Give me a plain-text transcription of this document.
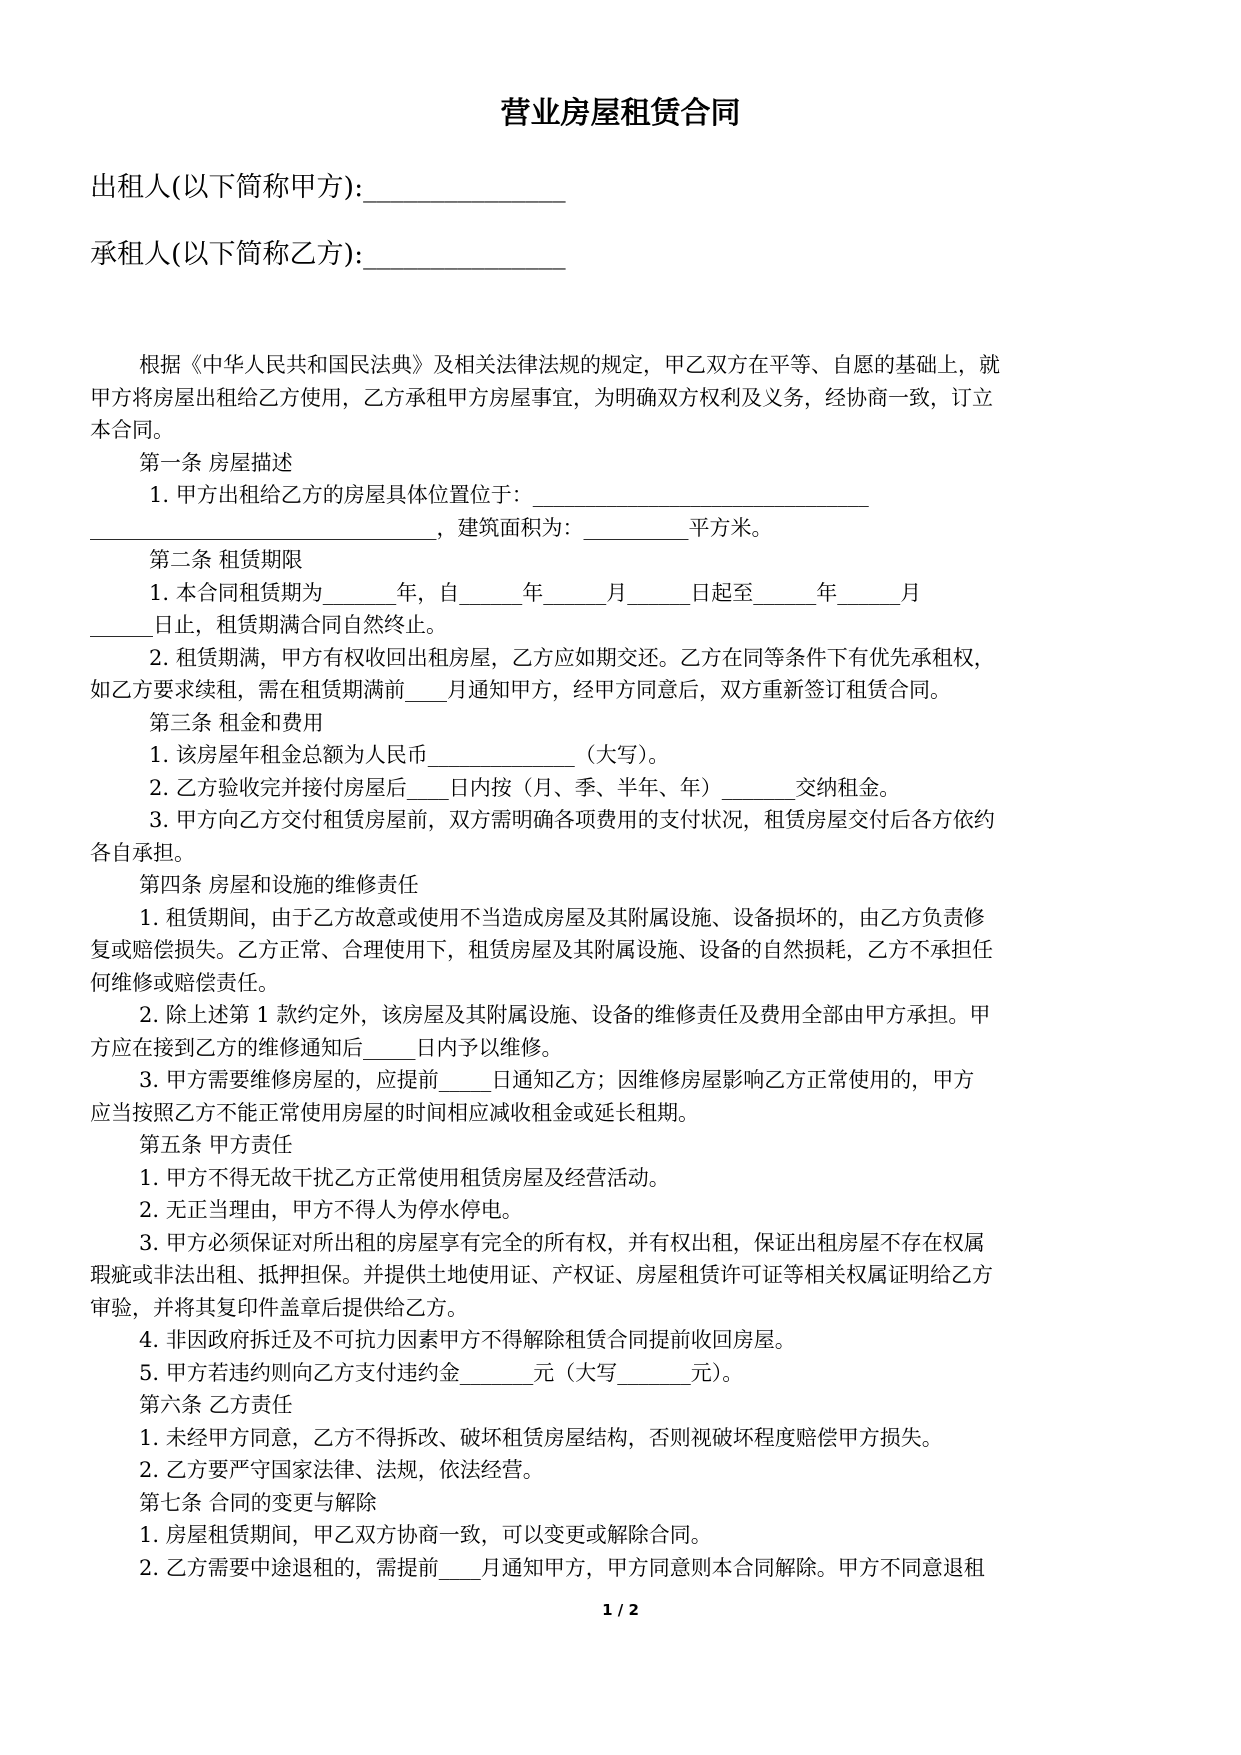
营业房屋租赁合同

出租人(以下简称甲方):_______________

承租人(以下简称乙方):_______________

根据《中华人民共和国民法典》及相关法律法规的规定，甲乙双方在平等、自愿的基础上，就

甲方将房屋出租给乙方使用，乙方承租甲方房屋事宜，为明确双方权利及义务，经协商一致，订立

本合同。

第一条 房屋描述

1. 甲方出租给乙方的房屋具体位置位于：________________________________

_________________________________，建筑面积为：__________平方米。

第二条 租赁期限

1. 本合同租赁期为_______年，自______年______月______日起至______年______月

______日止，租赁期满合同自然终止。

2. 租赁期满，甲方有权收回出租房屋，乙方应如期交还。乙方在同等条件下有优先承租权，

如乙方要求续租，需在租赁期满前____月通知甲方，经甲方同意后，双方重新签订租赁合同。

第三条 租金和费用

1. 该房屋年租金总额为人民币______________（大写）。

2. 乙方验收完并接付房屋后____日内按（月、季、半年、年）_______交纳租金。

3. 甲方向乙方交付租赁房屋前，双方需明确各项费用的支付状况，租赁房屋交付后各方依约

各自承担。

第四条 房屋和设施的维修责任

1. 租赁期间，由于乙方故意或使用不当造成房屋及其附属设施、设备损坏的，由乙方负责修

复或赔偿损失。乙方正常、合理使用下，租赁房屋及其附属设施、设备的自然损耗，乙方不承担任

何维修或赔偿责任。

2. 除上述第 1 款约定外，该房屋及其附属设施、设备的维修责任及费用全部由甲方承担。甲

方应在接到乙方的维修通知后_____日内予以维修。

3. 甲方需要维修房屋的，应提前_____日通知乙方；因维修房屋影响乙方正常使用的，甲方

应当按照乙方不能正常使用房屋的时间相应减收租金或延长租期。

第五条 甲方责任

1. 甲方不得无故干扰乙方正常使用租赁房屋及经营活动。

2. 无正当理由，甲方不得人为停水停电。

3. 甲方必须保证对所出租的房屋享有完全的所有权，并有权出租，保证出租房屋不存在权属

瑕疵或非法出租、抵押担保。并提供土地使用证、产权证、房屋租赁许可证等相关权属证明给乙方

审验，并将其复印件盖章后提供给乙方。

4. 非因政府拆迁及不可抗力因素甲方不得解除租赁合同提前收回房屋。

5. 甲方若违约则向乙方支付违约金_______元（大写_______元）。

第六条 乙方责任

1. 未经甲方同意，乙方不得拆改、破坏租赁房屋结构，否则视破坏程度赔偿甲方损失。

2. 乙方要严守国家法律、法规，依法经营。

第七条 合同的变更与解除

1. 房屋租赁期间，甲乙双方协商一致，可以变更或解除合同。

2. 乙方需要中途退租的，需提前____月通知甲方，甲方同意则本合同解除。甲方不同意退租

1 / 2
